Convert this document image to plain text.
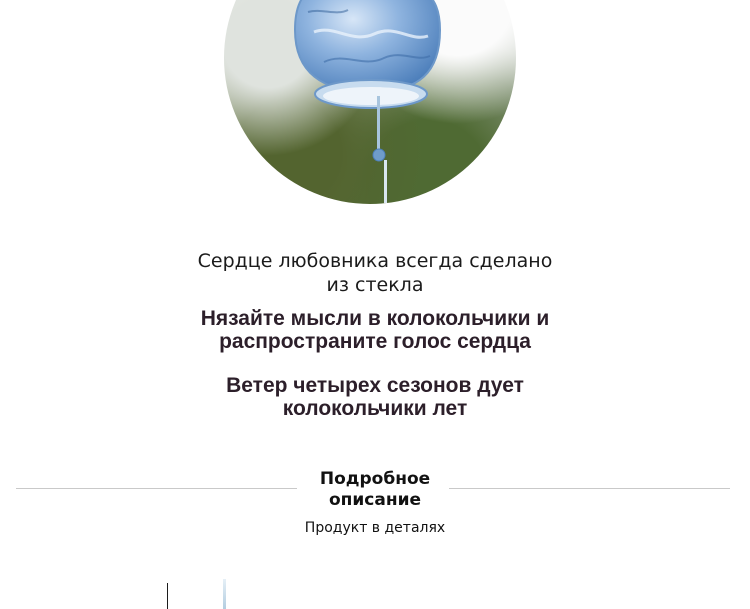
Сердце любовника всегда сделано
из стекла

Нязайте мысли в колокольчики и
распространите голос сердца

Ветер четырех сезонов дует
колокольчики лет

Подробное
описание
Продукт в деталях
